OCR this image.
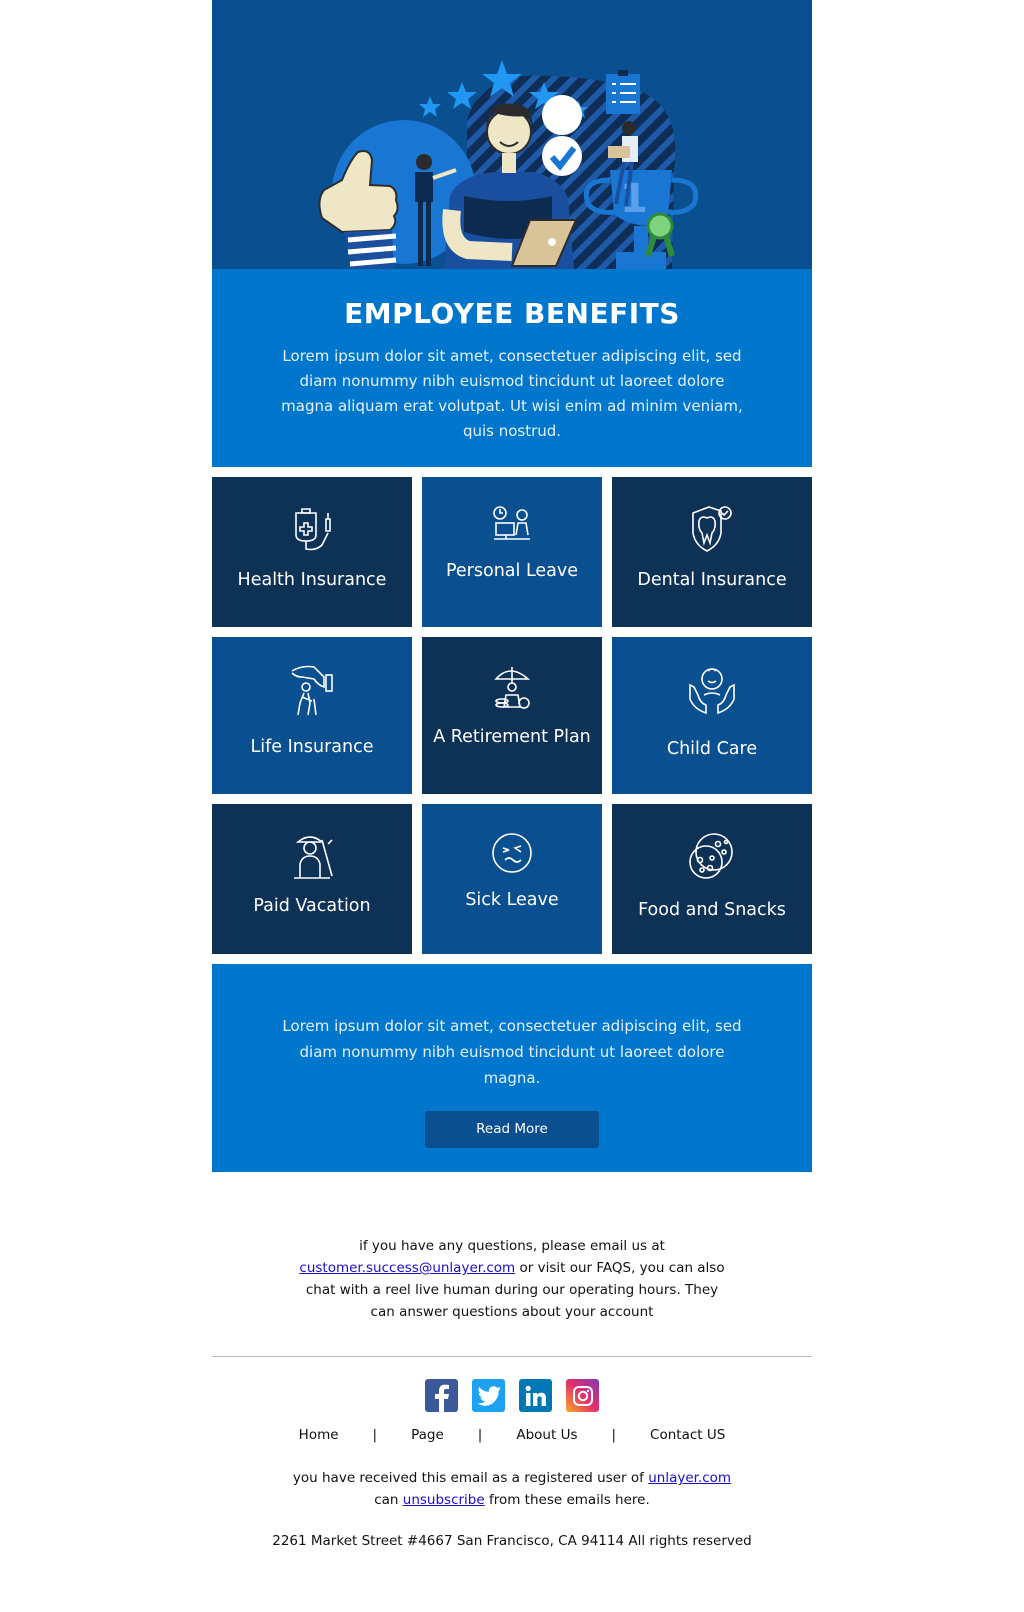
1
EMPLOYEE BENEFITS

Lorem ipsum dolor sit amet, consectetuer adipiscing elit, sed diam nonummy nibh euismod tincidunt ut laoreet dolore magna aliquam erat volutpat. Ut wisi enim ad minim veniam, quis nostrud.

Health Insurance	Personal Leave	Dental Insurance
Life Insurance	A Retirement Plan
Child Care
Paid Vacation	Sick Leave	Food and Snacks

Lorem ipsum dolor sit amet, consectetuer adipiscing elit, sed diam nonummy nibh euismod tincidunt ut laoreet dolore magna.

Read More
if you have any questions, please email us at
customer.success@unlayer.com or visit our FAQS, you can also chat with a reel live human during our operating hours. They can answer questions about your account
Home	|	Page	|	About Us	|	Contact US
you have received this email as a registered user of unlayer.com
can unsubscribe from these emails here.
2261 Market Street #4667 San Francisco, CA 94114 All rights reserved
